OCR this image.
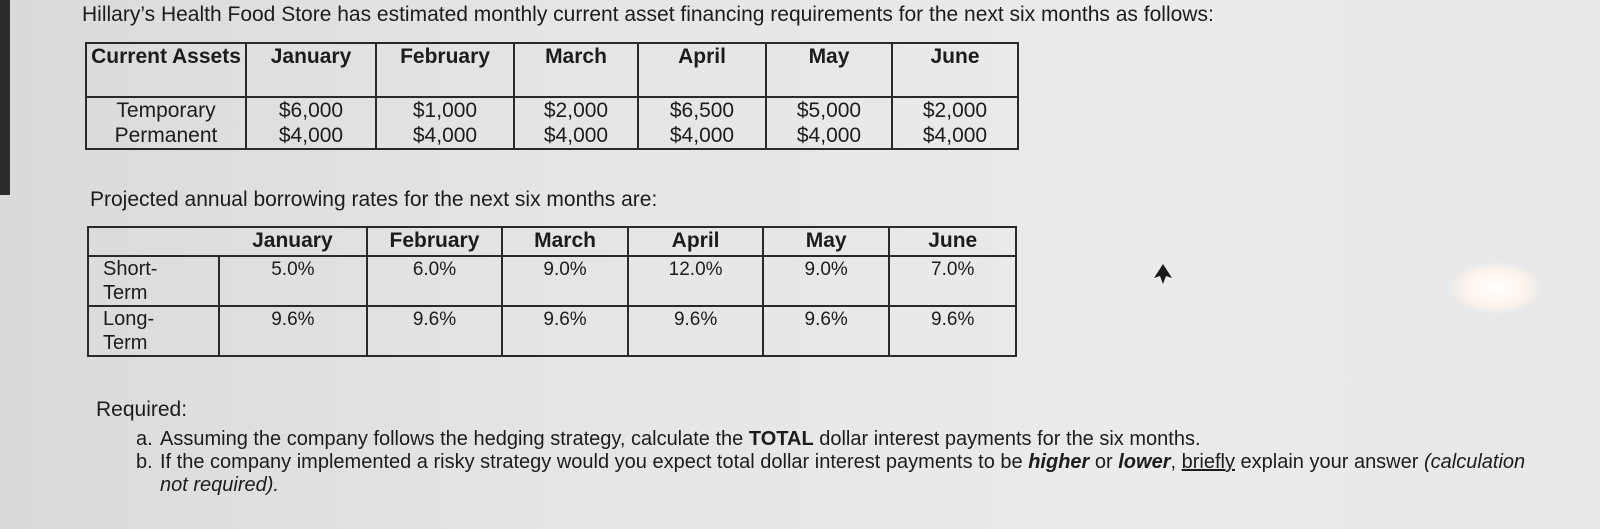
Hillary’s Health Food Store has estimated monthly current asset financing requirements for the next six months as follows:
Current Assets	January	February	March	April	May	June
Temporary	$6,000	$1,000	$2,000	$6,500	$5,000	$2,000
Permanent	$4,000	$4,000	$4,000	$4,000	$4,000	$4,000
Projected annual borrowing rates for the next six months are:
	January	February	March	April	May	June

Short-Term	5.0%	6.0%	9.0%	12.0%	9.0%	7.0%

Long-Term	9.6%	9.6%	9.6%	9.6%	9.6%	9.6%
Required:
a. Assuming the company follows the hedging strategy, calculate the TOTAL dollar interest payments for the six months.
b. If the company implemented a risky strategy would you expect total dollar interest payments to be higher or lower, briefly explain your answer (calculation not required).
